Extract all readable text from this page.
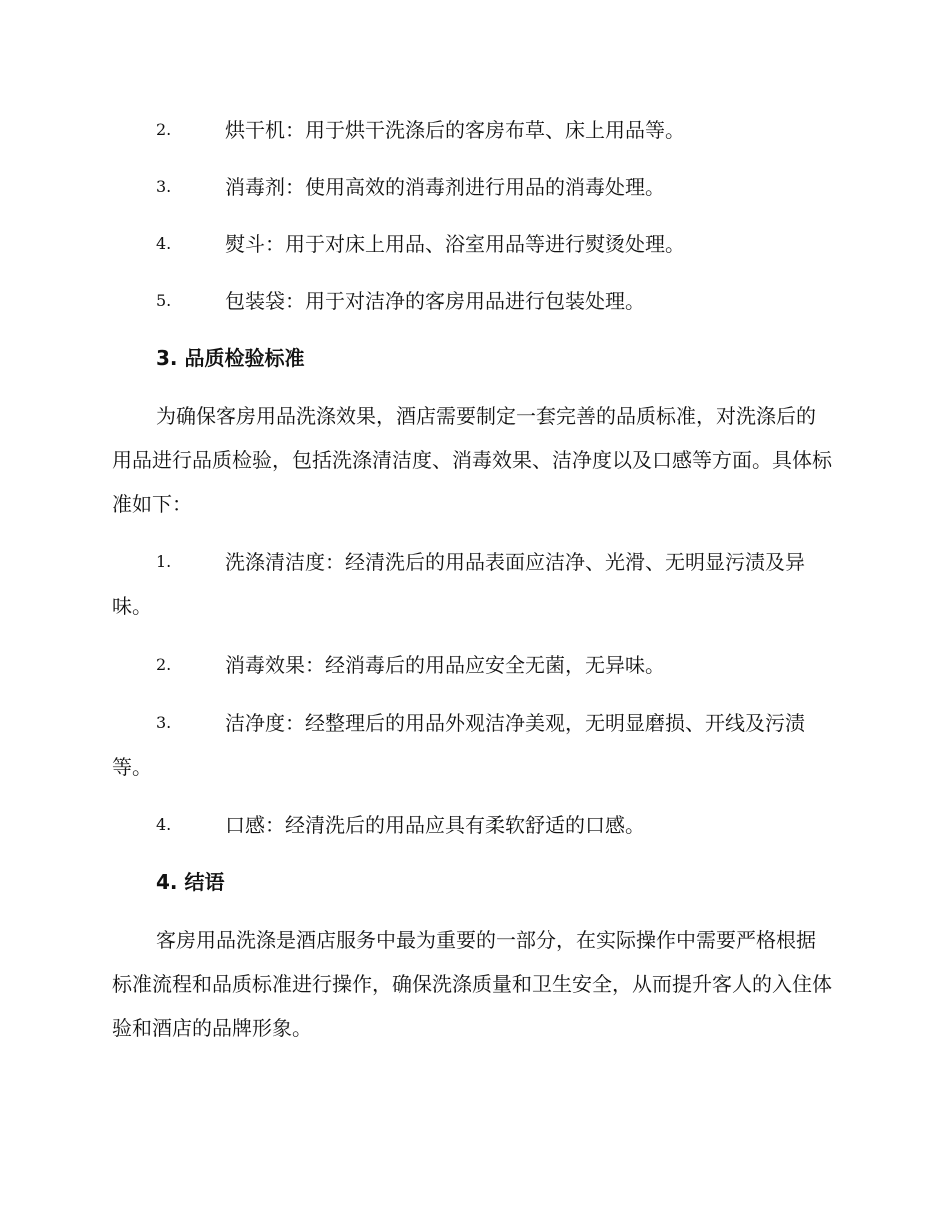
2.	烘干机：用于烘干洗涤后的客房布草、床上用品等。
3.	消毒剂：使用高效的消毒剂进行用品的消毒处理。
4.	熨斗：用于对床上用品、浴室用品等进行熨烫处理。
5.	包装袋：用于对洁净的客房用品进行包装处理。
3. 品质检验标准
为确保客房用品洗涤效果，酒店需要制定一套完善的品质标准，对洗涤后的用品进行品质检验，包括洗涤清洁度、消毒效果、洁净度以及口感等方面。具体标准如下：
1.	洗涤清洁度：经清洗后的用品表面应洁净、光滑、无明显污渍及异味。
2.	消毒效果：经消毒后的用品应安全无菌，无异味。
3.	洁净度：经整理后的用品外观洁净美观，无明显磨损、开线及污渍等。
4.	口感：经清洗后的用品应具有柔软舒适的口感。
4. 结语
客房用品洗涤是酒店服务中最为重要的一部分，在实际操作中需要严格根据标准流程和品质标准进行操作，确保洗涤质量和卫生安全，从而提升客人的入住体验和酒店的品牌形象。
